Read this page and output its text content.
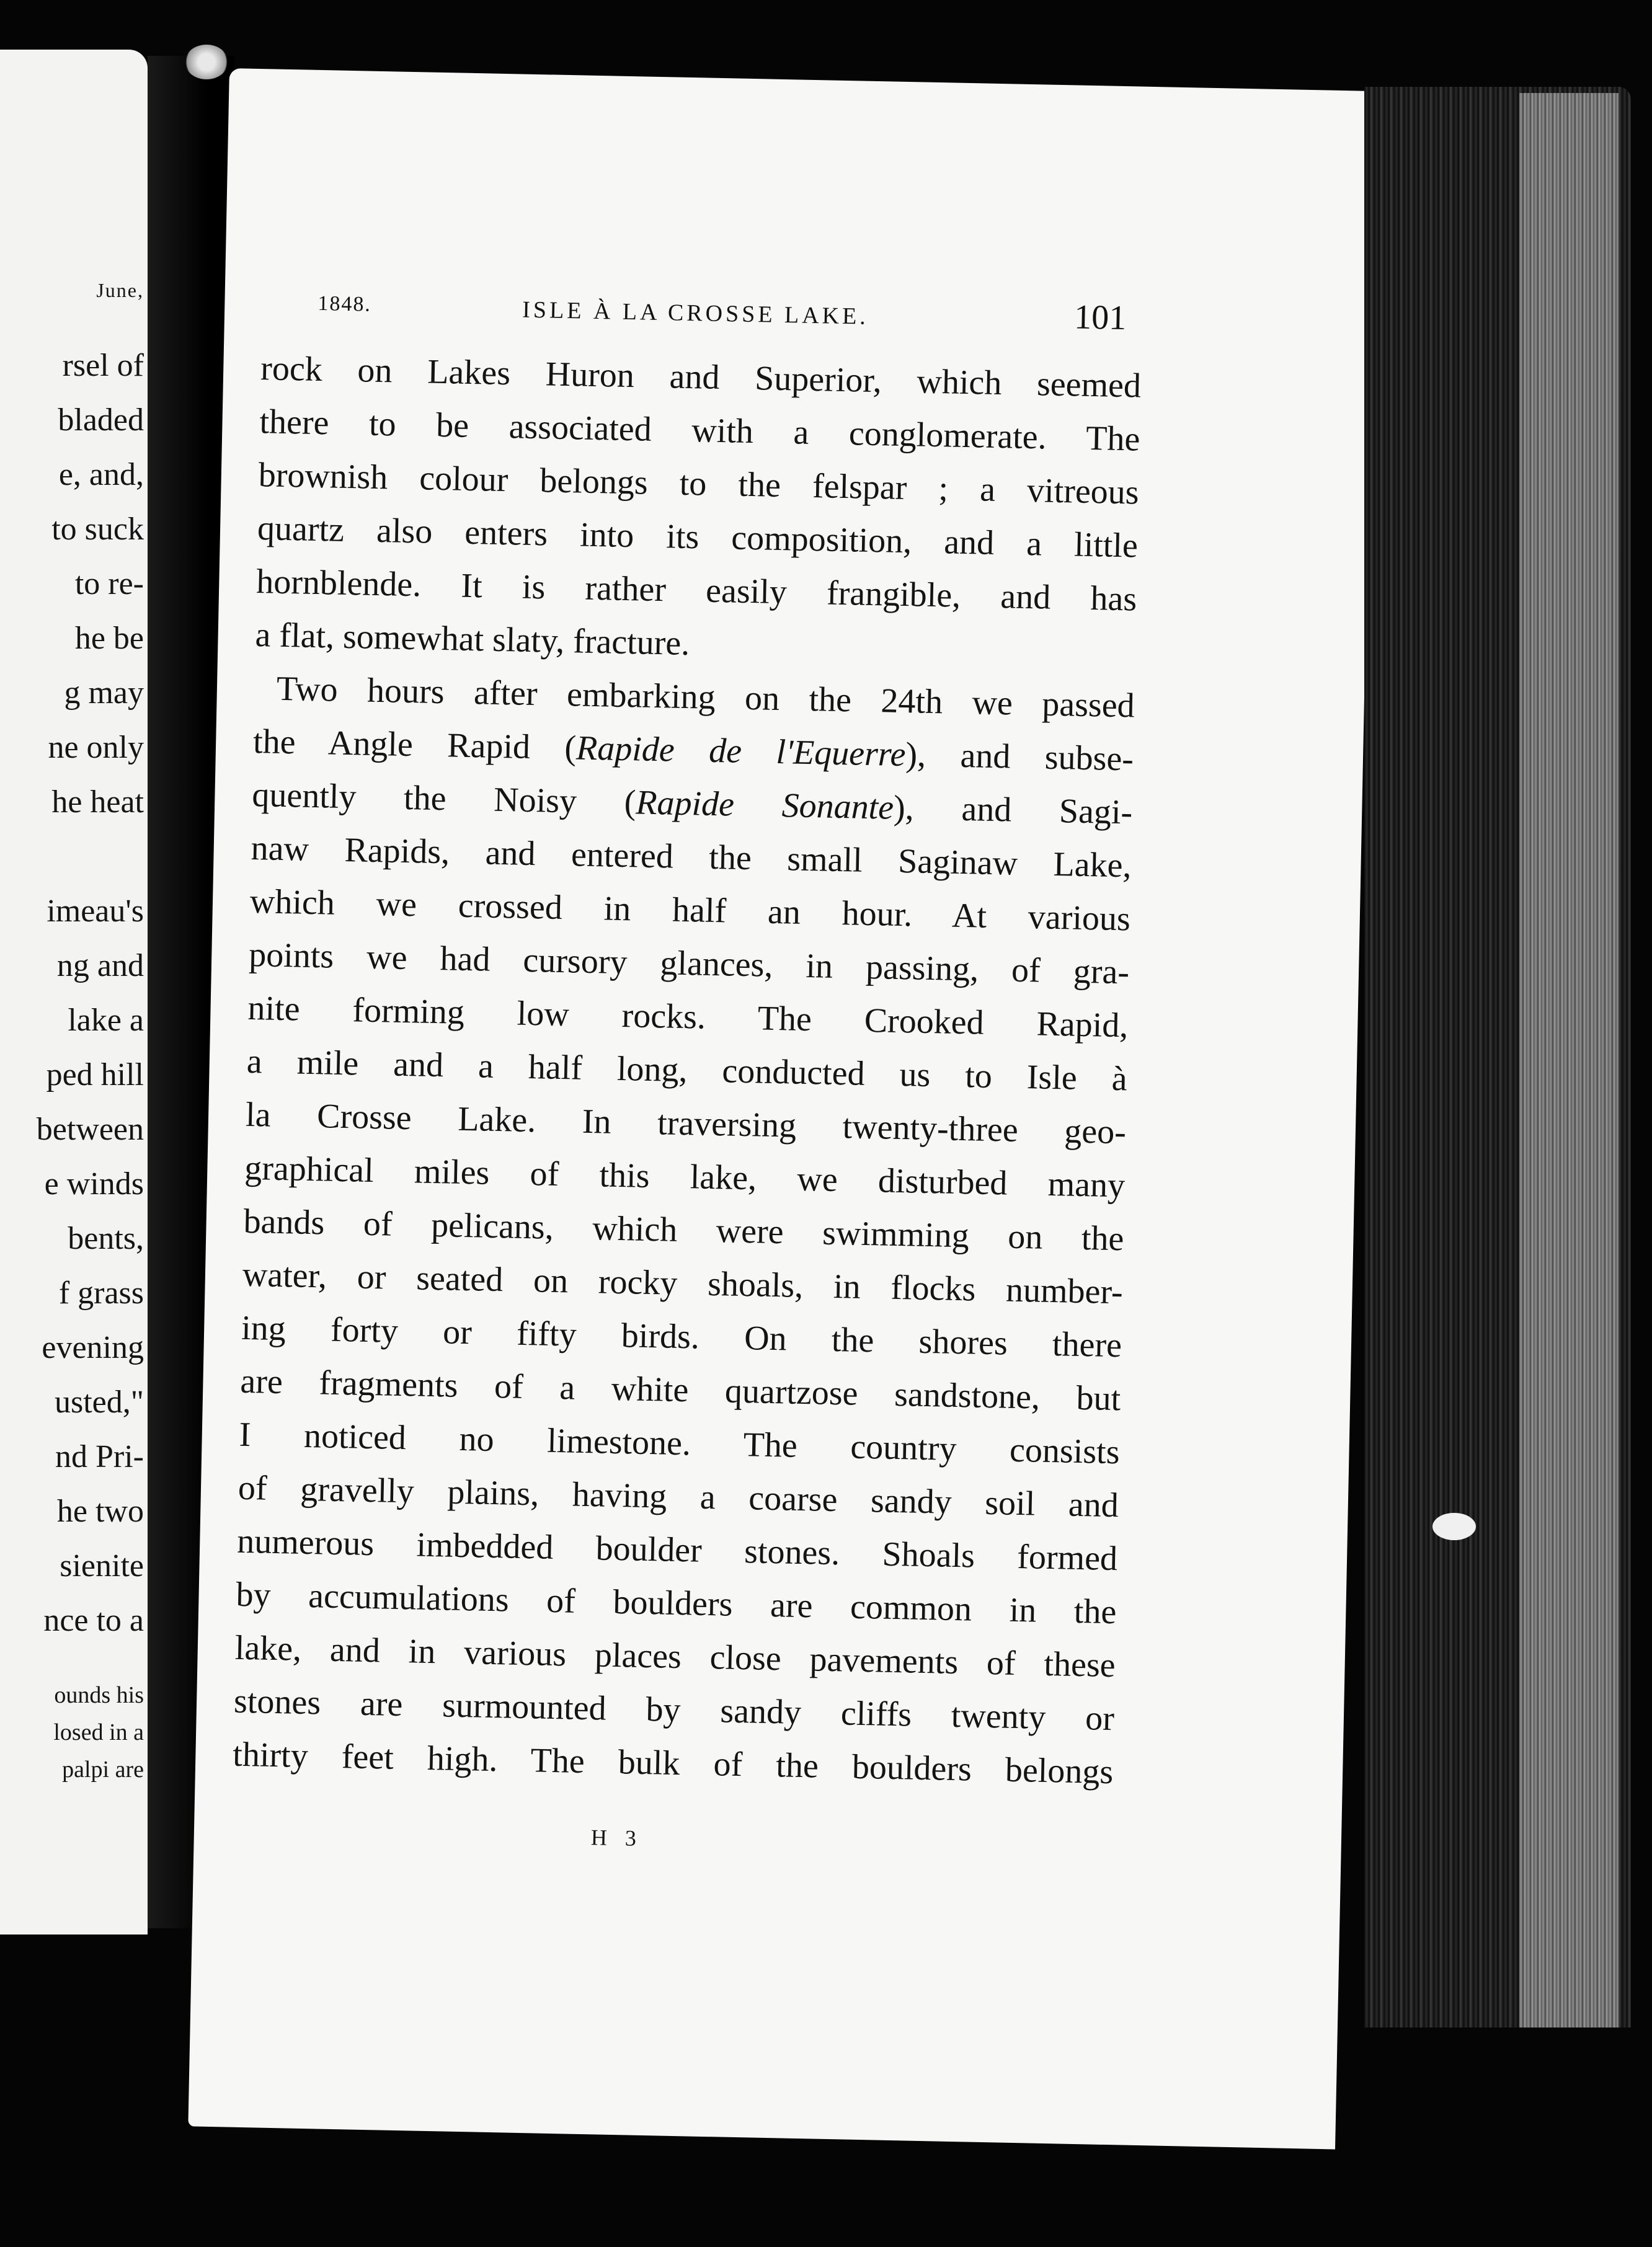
June,
rsel of
bladed
e, and,
to suck
to re-
he be
g may
ne only
he heat
imeau's
ng and
lake a
ped hill
between
e winds
bents,
f grass
evening
usted,"
nd Pri-
he two
sienite
nce to a
ounds his
losed in a
palpi are
1848.	ISLE À LA CROSSE LAKE.	101
rock on Lakes Huron and Superior, which seemed
there to be associated with a conglomerate. The
brownish colour belongs to the felspar ; a vitreous
quartz also enters into its composition, and a little
hornblende. It is rather easily frangible, and has
a flat, somewhat slaty, fracture.
Two hours after embarking on the 24th we passed
the Angle Rapid (Rapide de l'Equerre), and subse-
quently the Noisy (Rapide Sonante), and Sagi-
naw Rapids, and entered the small Saginaw Lake,
which we crossed in half an hour. At various
points we had cursory glances, in passing, of gra-
nite forming low rocks. The Crooked Rapid,
a mile and a half long, conducted us to Isle à
la Crosse Lake. In traversing twenty-three geo-
graphical miles of this lake, we disturbed many
bands of pelicans, which were swimming on the
water, or seated on rocky shoals, in flocks number-
ing forty or fifty birds. On the shores there
are fragments of a white quartzose sandstone, but
I noticed no limestone. The country consists
of gravelly plains, having a coarse sandy soil and
numerous imbedded boulder stones. Shoals formed
by accumulations of boulders are common in the
lake, and in various places close pavements of these
stones are surmounted by sandy cliffs twenty or
thirty feet high. The bulk of the boulders belongs
H 3
